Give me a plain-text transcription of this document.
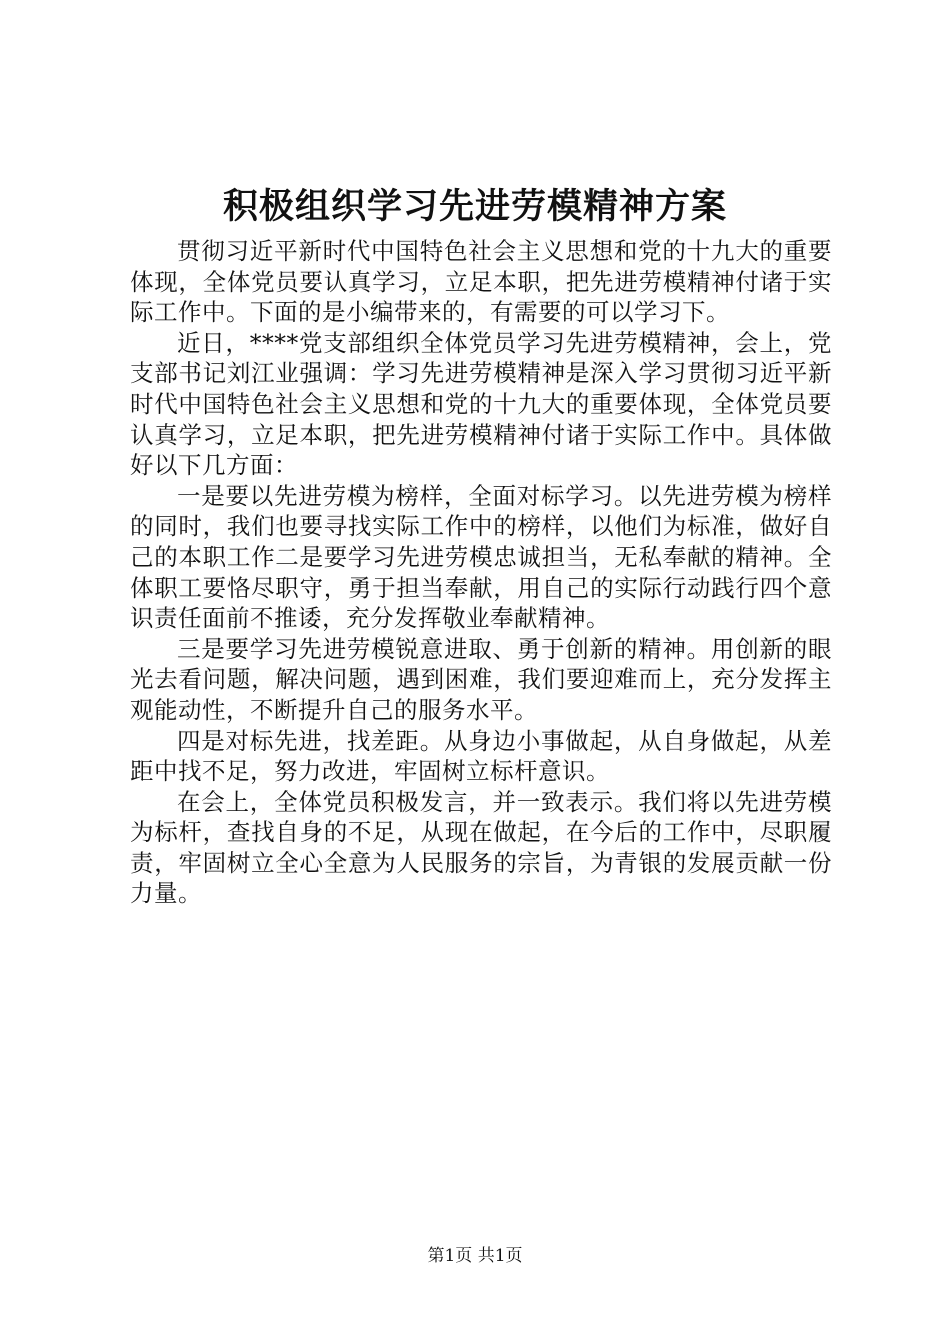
积极组织学习先进劳模精神方案

贯彻习近平新时代中国特色社会主义思想和党的十九大的重要体现，全体党员要认真学习，立足本职，把先进劳模精神付诸于实际工作中。下面的是小编带来的，有需要的可以学习下。

近日，****党支部组织全体党员学习先进劳模精神，会上，党支部书记刘江业强调：学习先进劳模精神是深入学习贯彻习近平新时代中国特色社会主义思想和党的十九大的重要体现，全体党员要认真学习，立足本职，把先进劳模精神付诸于实际工作中。具体做好以下几方面：

一是要以先进劳模为榜样，全面对标学习。以先进劳模为榜样的同时，我们也要寻找实际工作中的榜样，以他们为标准，做好自己的本职工作二是要学习先进劳模忠诚担当，无私奉献的精神。全体职工要恪尽职守，勇于担当奉献，用自己的实际行动践行四个意识责任面前不推诿，充分发挥敬业奉献精神。

三是要学习先进劳模锐意进取、勇于创新的精神。用创新的眼光去看问题，解决问题，遇到困难，我们要迎难而上，充分发挥主观能动性，不断提升自己的服务水平。

四是对标先进，找差距。从身边小事做起，从自身做起，从差距中找不足，努力改进，牢固树立标杆意识。

在会上，全体党员积极发言，并一致表示。我们将以先进劳模为标杆，查找自身的不足，从现在做起，在今后的工作中，尽职履责，牢固树立全心全意为人民服务的宗旨，为青银的发展贡献一份力量。

第1页 共1页
